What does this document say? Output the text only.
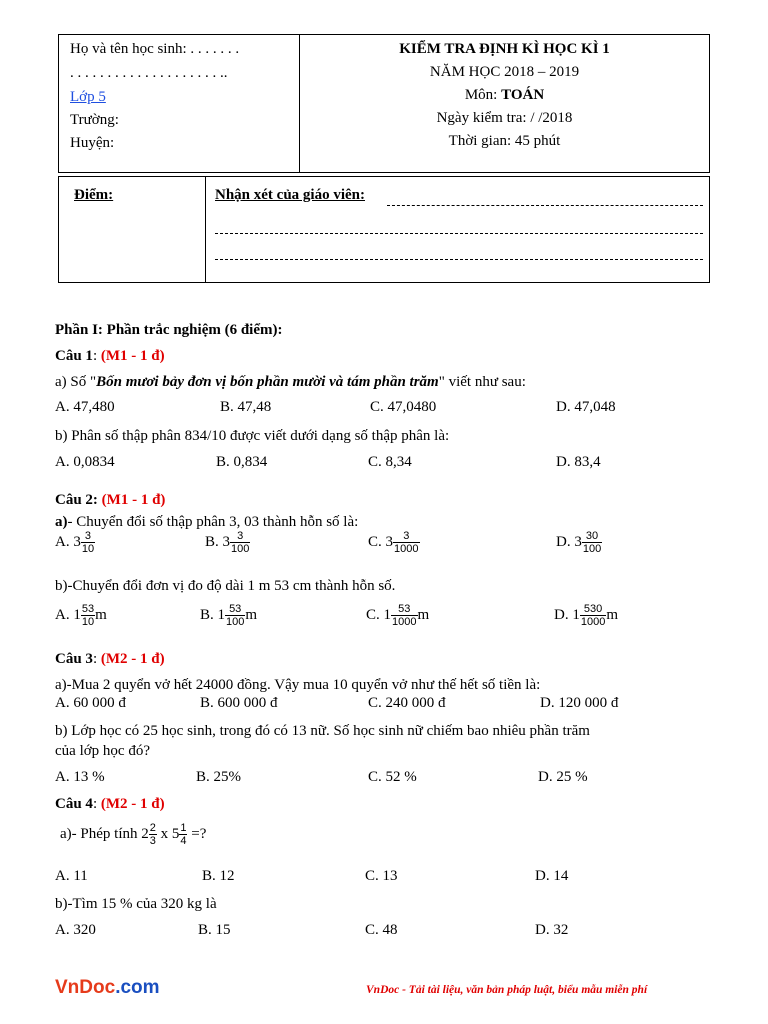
Họ và tên học sinh: . . . . . . .
. . . . . . . . . . . . . . . . . . . . ..
Lớp 5
Trường:
Huyện:
KIỂM TRA ĐỊNH KÌ HỌC KÌ 1
NĂM HỌC 2018 – 2019
Môn: TOÁN
Ngày kiểm tra: / /2018
Thời gian: 45 phút
Điểm:	Nhận xét của giáo viên:
Phần I: Phần trắc nghiệm (6 điểm):
Câu 1: (M1 - 1 đ)
a) Số "Bốn mươi bảy đơn vị bốn phần mười và tám phần trăm" viết như sau:
A. 47,480	B. 47,48	C. 47,0480	D. 47,048
b) Phân số thập phân 834/10 được viết dưới dạng số thập phân là:
A. 0,0834	B. 0,834	C. 8,34	D. 83,4
Câu 2: (M1 - 1 đ)
a)- Chuyển đổi số thập phân 3, 03 thành hỗn số là:
A. $3 \frac{3}{10}$	B. $3 \frac{3}{100}$	C. $3 \frac{3}{1000}$	D. $3 \frac{30}{100}$
b)-Chuyển đổi đơn vị đo độ dài 1 m 53 cm thành hỗn số.
A. $1 \frac{53}{10}$ m	B. $1 \frac{53}{100}$ m	C. $1 \frac{53}{1000}$ m	D. $1 \frac{530}{1000}$ m
Câu 3: (M2 - 1 đ)
a)-Mua 2 quyển vở hết 24000 đồng. Vậy mua 10 quyển vở như thế hết số tiền là:
A. 60 000 đ	B. 600 000 đ	C. 240 000 đ	D. 120 000 đ
b) Lớp học có 25 học sinh, trong đó có 13 nữ. Số học sinh nữ chiếm bao nhiêu phần trăm
của lớp học đó?
A. 13 %	B. 25%	C. 52 %	D. 25 %
Câu 4: (M2 - 1 đ)
a)- Phép tính $2 \frac{2}{3}$ x $5 \frac{1}{4}$ =?
A. 11	B. 12	C. 13	D. 14
b)-Tìm 15 % của 320 kg là
A. 320	B. 15	C. 48	D. 32
VnDoc.com	VnDoc - Tải tài liệu, văn bản pháp luật, biểu mẫu miễn phí
